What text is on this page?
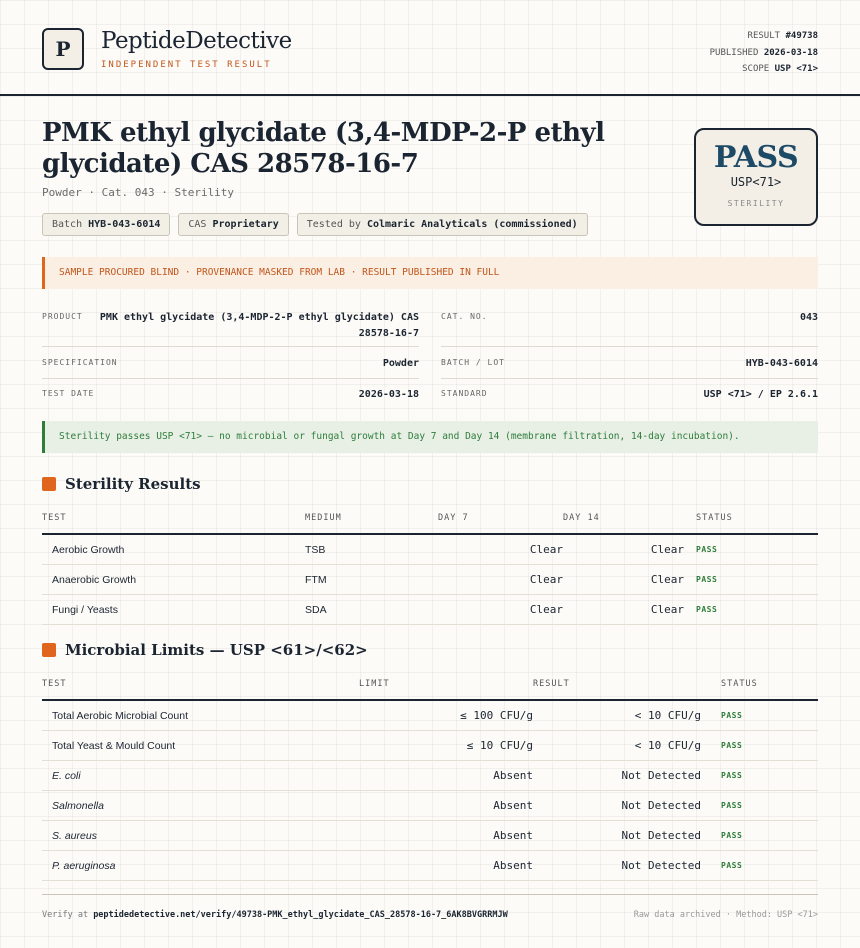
P	PeptideDetective
INDEPENDENT TEST RESULT
RESULT #49738
PUBLISHED 2026-03-18
SCOPE USP <71>
PMK ethyl glycidate (3,4-MDP-2-P ethyl glycidate) CAS 28578-16-7
Powder · Cat. 043 · Sterility
Batch HYB-043-6014	CAS Proprietary	Tested by Colmaric Analyticals (commissioned)
PASS
USP<71>
STERILITY
SAMPLE PROCURED BLIND · PROVENANCE MASKED FROM LAB · RESULT PUBLISHED IN FULL
PRODUCT PMK ethyl glycidate (3,4-MDP-2-P ethyl glycidate) CAS 28578-16-7
CAT. NO.	043
SPECIFICATION	Powder	BATCH / LOT	HYB-043-6014
TEST DATE	2026-03-18	STANDARD	USP <71> / EP 2.6.1
Sterility passes USP <71> — no microbial or fungal growth at Day 7 and Day 14 (membrane filtration, 14-day incubation).
Sterility Results
TEST	MEDIUM	DAY 7	DAY 14	STATUS
Aerobic Growth	TSB	Clear	Clear	PASS
Anaerobic Growth	FTM	Clear	Clear	PASS
Fungi / Yeasts	SDA	Clear	Clear	PASS
Microbial Limits — USP <61>/<62>
TEST	LIMIT	RESULT	STATUS
Total Aerobic Microbial Count	≤ 100 CFU/g	< 10 CFU/g	PASS
Total Yeast & Mould Count	≤ 10 CFU/g	< 10 CFU/g	PASS
E. coli	Absent	Not Detected	PASS
Salmonella	Absent	Not Detected	PASS
S. aureus	Absent	Not Detected	PASS
P. aeruginosa	Absent	Not Detected	PASS
Verify at peptidedetective.net/verify/49738-PMK_ethyl_glycidate_CAS_28578-16-7_6AK8BVGRRMJW	Raw data archived · Method: USP <71>
